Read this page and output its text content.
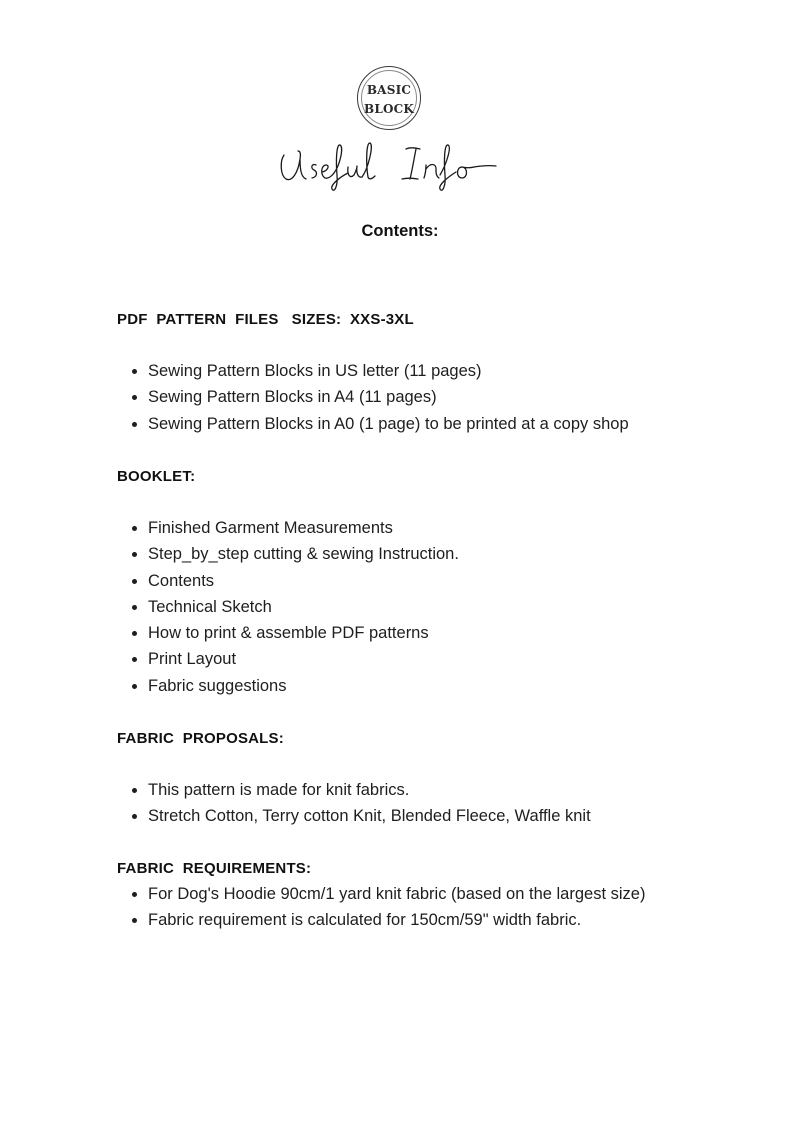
BASIC
BLOCK
Useful Info
Contents:
PDF  PATTERN  FILES   SIZES:  XXS-3XL
Sewing Pattern Blocks in US letter (11 pages)
Sewing Pattern Blocks in A4 (11 pages)
Sewing Pattern Blocks in A0 (1 page) to be printed at a copy shop
BOOKLET:
Finished Garment Measurements
Step_by_step cutting & sewing Instruction.
Contents
Technical Sketch
How to print & assemble PDF patterns
Print Layout
Fabric suggestions
FABRIC  PROPOSALS:
This pattern is made for knit fabrics.
Stretch Cotton, Terry cotton Knit, Blended Fleece, Waffle knit
FABRIC  REQUIREMENTS:
For Dog's Hoodie 90cm/1 yard knit fabric (based on the largest size)
Fabric requirement is calculated for 150cm/59" width fabric.
